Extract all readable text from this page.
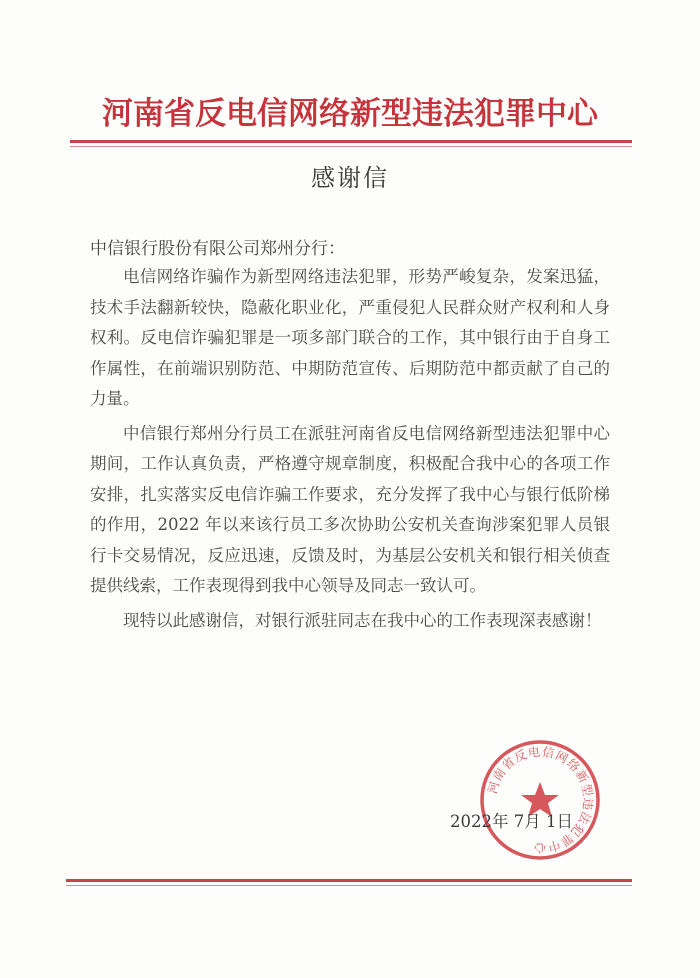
河南省反电信网络新型违法犯罪中心
感谢信
中信银行股份有限公司郑州分行：

电信网络诈骗作为新型网络违法犯罪，形势严峻复杂，发案迅猛，技术手法翻新较快，隐蔽化职业化，严重侵犯人民群众财产权利和人身权利。反电信诈骗犯罪是一项多部门联合的工作，其中银行由于自身工作属性，在前端识别防范、中期防范宣传、后期防范中都贡献了自己的力量。

中信银行郑州分行员工在派驻河南省反电信网络新型违法犯罪中心期间，工作认真负责，严格遵守规章制度，积极配合我中心的各项工作安排，扎实落实反电信诈骗工作要求，充分发挥了我中心与银行低阶梯的作用，2022 年以来该行员工多次协助公安机关查询涉案犯罪人员银行卡交易情况，反应迅速，反馈及时，为基层公安机关和银行相关侦查提供线索，工作表现得到我中心领导及同志一致认可。

现特以此感谢信，对银行派驻同志在我中心的工作表现深表感谢！

河南省反电信网络新型违法犯罪中心
2022年 7月 1日
